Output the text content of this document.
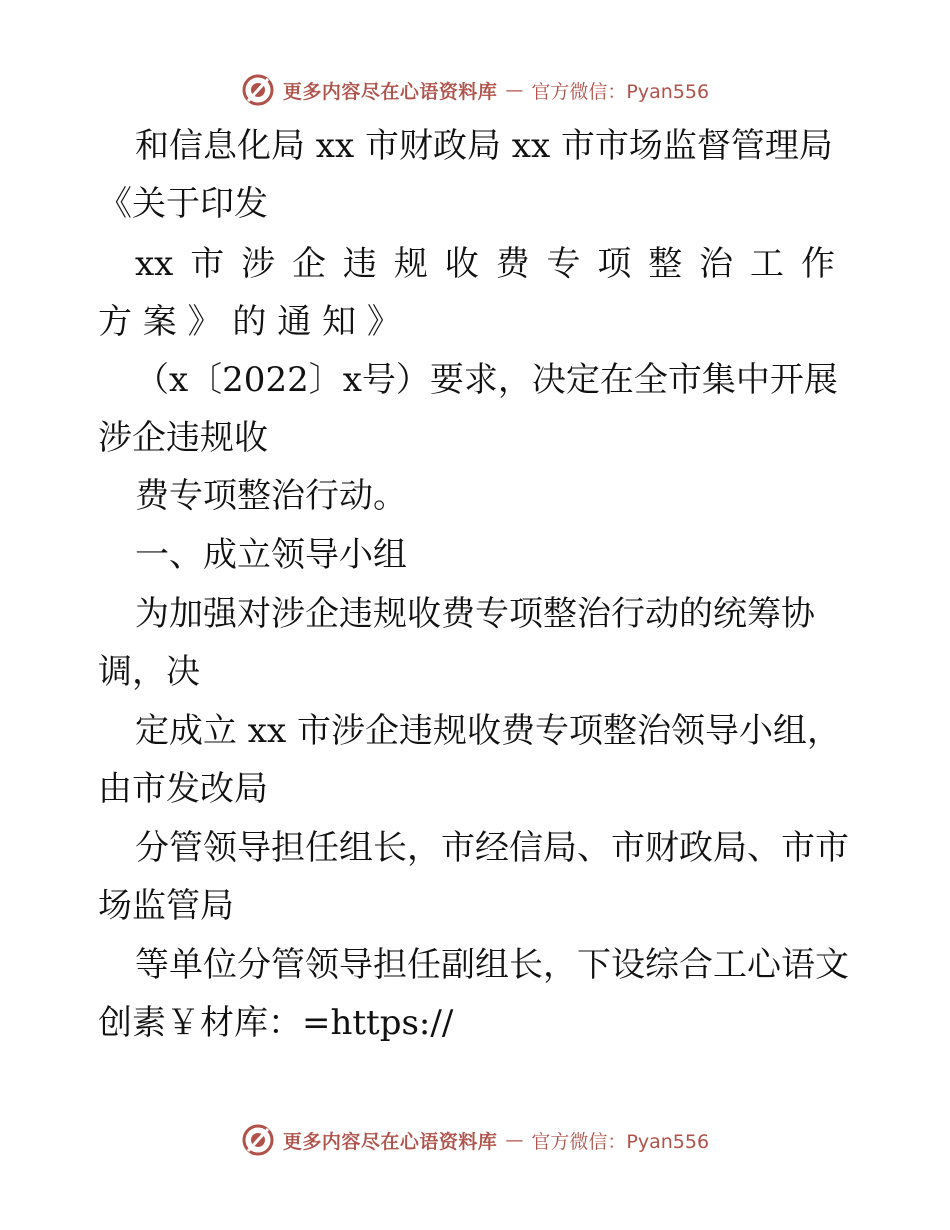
更多内容尽在心语资料库 — 官方微信：Pyan556
和信息化局 xx 市财政局 xx 市市场监督管理局
《关于印发
xx 市 涉 企 违 规 收 费 专 项 整 治 工 作
方 案 》 的 通 知 》
（x〔2022〕x号）要求，决定在全市集中开展
涉企违规收
费专项整治行动。
一、成立领导小组
为加强对涉企违规收费专项整治行动的统筹协
调，决
定成立 xx 市涉企违规收费专项整治领导小组，
由市发改局
分管领导担任组长，市经信局、市财政局、市市
场监管局
等单位分管领导担任副组长，下设综合工心语文
创素￥材库：=https://
更多内容尽在心语资料库 — 官方微信：Pyan556
